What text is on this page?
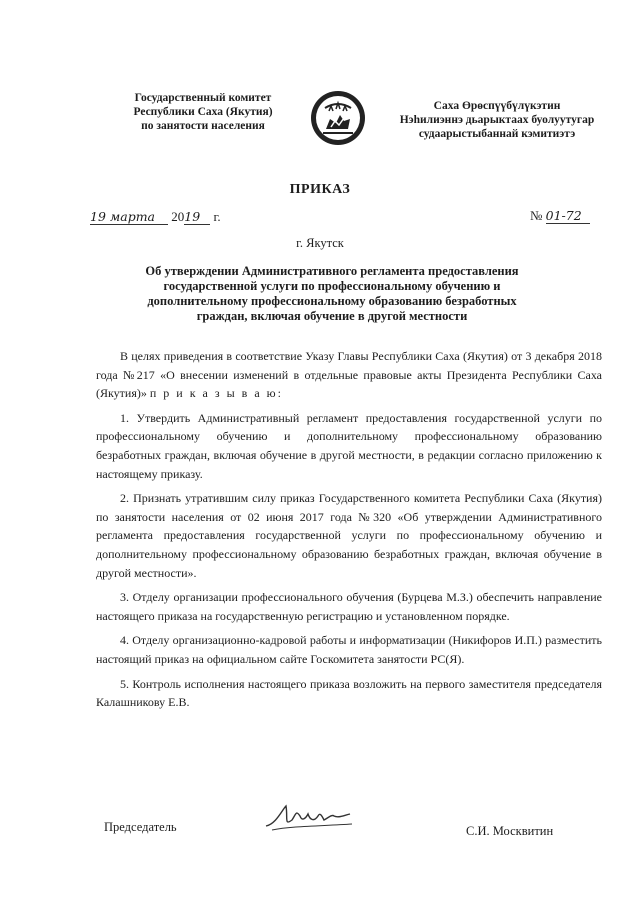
Государственный комитет
Республики Саха (Якутия)
по занятости населения
Саха Өрөспүүбүлүкэтин
Нэһилиэннэ дьарыктаах буолуутугар
судаарыстыбаннай кэмитиэтэ
ПРИКАЗ
19 марта 2019 г.	№ 01-72
г. Якутск
Об утверждении Административного регламента предоставления
государственной услуги по профессиональному обучению и
дополнительному профессиональному образованию безработных
граждан, включая обучение в другой местности

В целях приведения в соответствие Указу Главы Республики Саха (Якутия) от 3 декабря 2018 года №217 «О внесении изменений в отдельные правовые акты Президента Республики Саха (Якутия)» п р и к а з ы в а ю:

1. Утвердить Административный регламент предоставления государственной услуги по профессиональному обучению и дополнительному профессиональному образованию безработных граждан, включая обучение в другой местности, в редакции согласно приложению к настоящему приказу.

2. Признать утратившим силу приказ Государственного комитета Республики Саха (Якутия) по занятости населения от 02 июня 2017 года №320 «Об утверждении Административного регламента предоставления государственной услуги по профессиональному обучению и дополнительному профессиональному образованию безработных граждан, включая обучение в другой местности».

3. Отделу организации профессионального обучения (Бурцева М.З.) обеспечить направление настоящего приказа на государственную регистрацию и установленном порядке.

4. Отделу организационно-кадровой работы и информатизации (Никифоров И.П.) разместить настоящий приказ на официальном сайте Госкомитета занятости РС(Я).

5. Контроль исполнения настоящего приказа возложить на первого заместителя председателя Калашникову Е.В.

Председатель	С.И. Москвитин
